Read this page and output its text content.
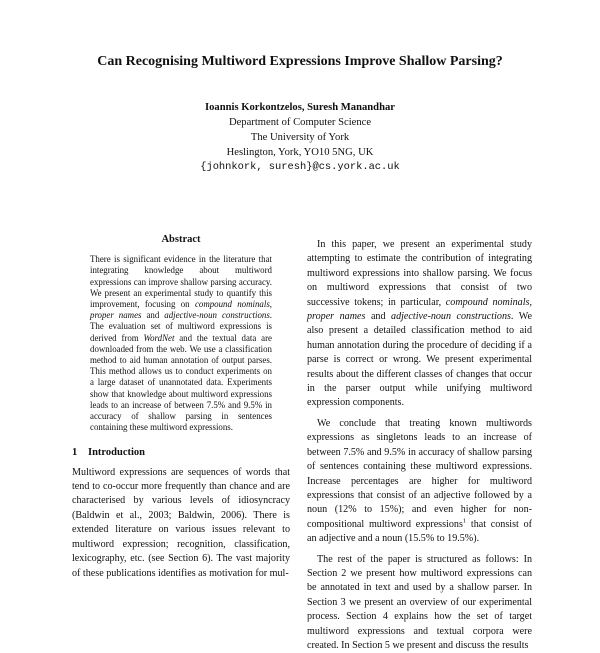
Can Recognising Multiword Expressions Improve Shallow Parsing?
Ioannis Korkontzelos, Suresh Manandhar
Department of Computer Science
The University of York
Heslington, York, YO10 5NG, UK
{johnkork, suresh}@cs.york.ac.uk
Abstract
There is significant evidence in the literature that integrating knowledge about multiword expressions can improve shallow parsing accuracy. We present an experimental study to quantify this improvement, focusing on compound nominals, proper names and adjective-noun constructions. The evaluation set of multiword expressions is derived from WordNet and the textual data are downloaded from the web. We use a classification method to aid human annotation of output parses. This method allows us to conduct experiments on a large dataset of unannotated data. Experiments show that knowledge about multiword expressions leads to an increase of between 7.5% and 9.5% in accuracy of shallow parsing in sentences containing these multiword expressions.
1 Introduction

Multiword expressions are sequences of words that tend to co-occur more frequently than chance and are characterised by various levels of idiosyncracy (Baldwin et al., 2003; Baldwin, 2006). There is extended literature on various issues relevant to multiword expression; recognition, classification, lexicography, etc. (see Section 6). The vast majority of these publications identifies as motivation for mul-

In this paper, we present an experimental study attempting to estimate the contribution of integrating multiword expressions into shallow parsing. We focus on multiword expressions that consist of two successive tokens; in particular, compound nominals, proper names and adjective-noun constructions. We also present a detailed classification method to aid human annotation during the procedure of deciding if a parse is correct or wrong. We present experimental results about the different classes of changes that occur in the parser output while unifying multiword expression components.

We conclude that treating known multiwords expressions as singletons leads to an increase of between 7.5% and 9.5% in accuracy of shallow parsing of sentences containing these multiword expressions. Increase percentages are higher for multiword expressions that consist of an adjective followed by a noun (12% to 15%); and even higher for non-compositional multiword expressions$^1$ that consist of an adjective and a noun (15.5% to 19.5%).

The rest of the paper is structured as follows: In Section 2 we present how multiword expressions can be annotated in text and used by a shallow parser. In Section 3 we present an overview of our experimental process. Section 4 explains how the set of target multiword expressions and textual corpora were created. In Section 5 we present and discuss the results
